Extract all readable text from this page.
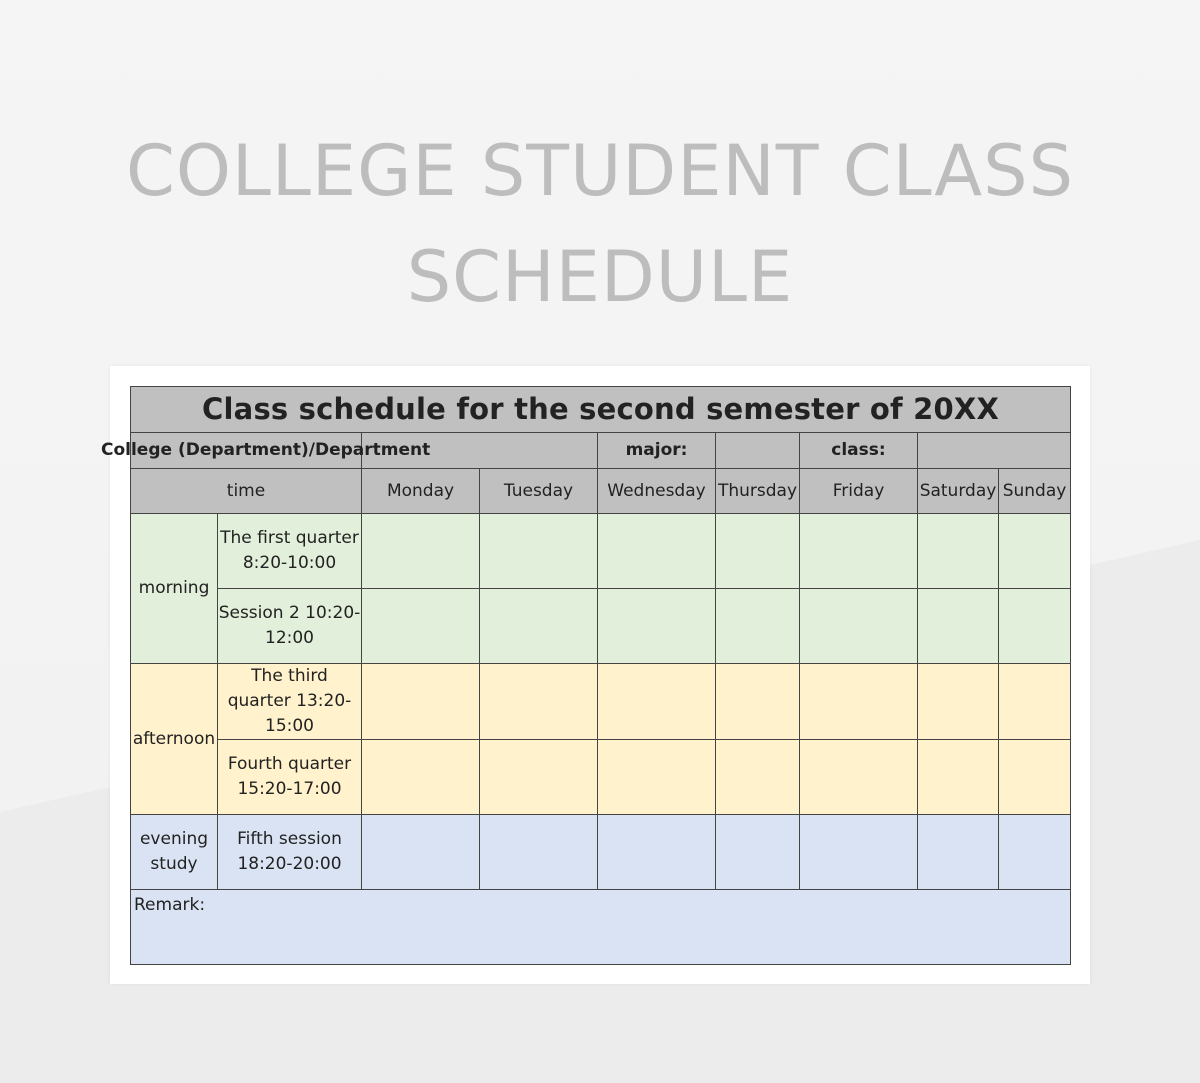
COLLEGE STUDENT CLASS
SCHEDULE
Class schedule for the second semester of 20XX								
College (Department)/Department				major:		class:		
time		Monday	Tuesday	Wednesday	Thursday	Friday	Saturday	Sunday
morning	The first quarter 8:20-10:00							
	Session 2 10:20-12:00							
afternoon	The third quarter 13:20-15:00							
	Fourth quarter 15:20-17:00							
evening study	Fifth session 18:20-20:00							
Remark:								
